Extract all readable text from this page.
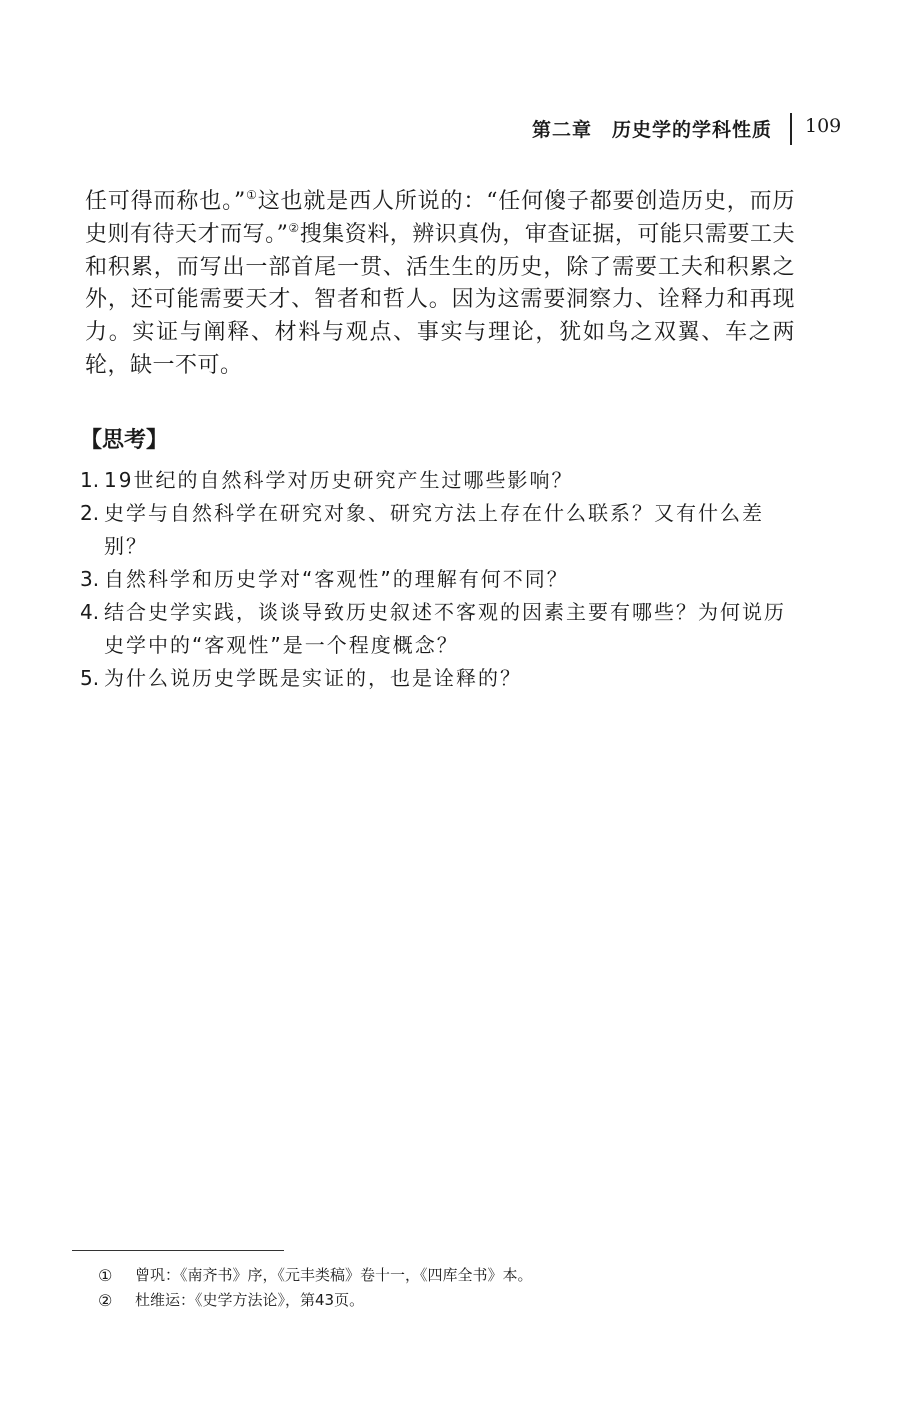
第二章　历史学的学科性质 109

任可得而称也。”①这也就是西人所说的：“任何傻子都要创造历史，而历史则有待天才而写。”②搜集资料，辨识真伪，审查证据，可能只需要工夫和积累，而写出一部首尾一贯、活生生的历史，除了需要工夫和积累之外，还可能需要天才、智者和哲人。因为这需要洞察力、诠释力和再现力。实证与阐释、材料与观点、事实与理论，犹如鸟之双翼、车之两轮，缺一不可。

【思考】
1. 19世纪的自然科学对历史研究产生过哪些影响？
2. 史学与自然科学在研究对象、研究方法上存在什么联系？又有什么差别？
3. 自然科学和历史学对“客观性”的理解有何不同？
4. 结合史学实践，谈谈导致历史叙述不客观的因素主要有哪些？为何说历史学中的“客观性”是一个程度概念？
5. 为什么说历史学既是实证的，也是诠释的？
① 曾巩：《南齐书》序，《元丰类稿》卷十一，《四库全书》本。
② 杜维运：《史学方法论》，第43页。
